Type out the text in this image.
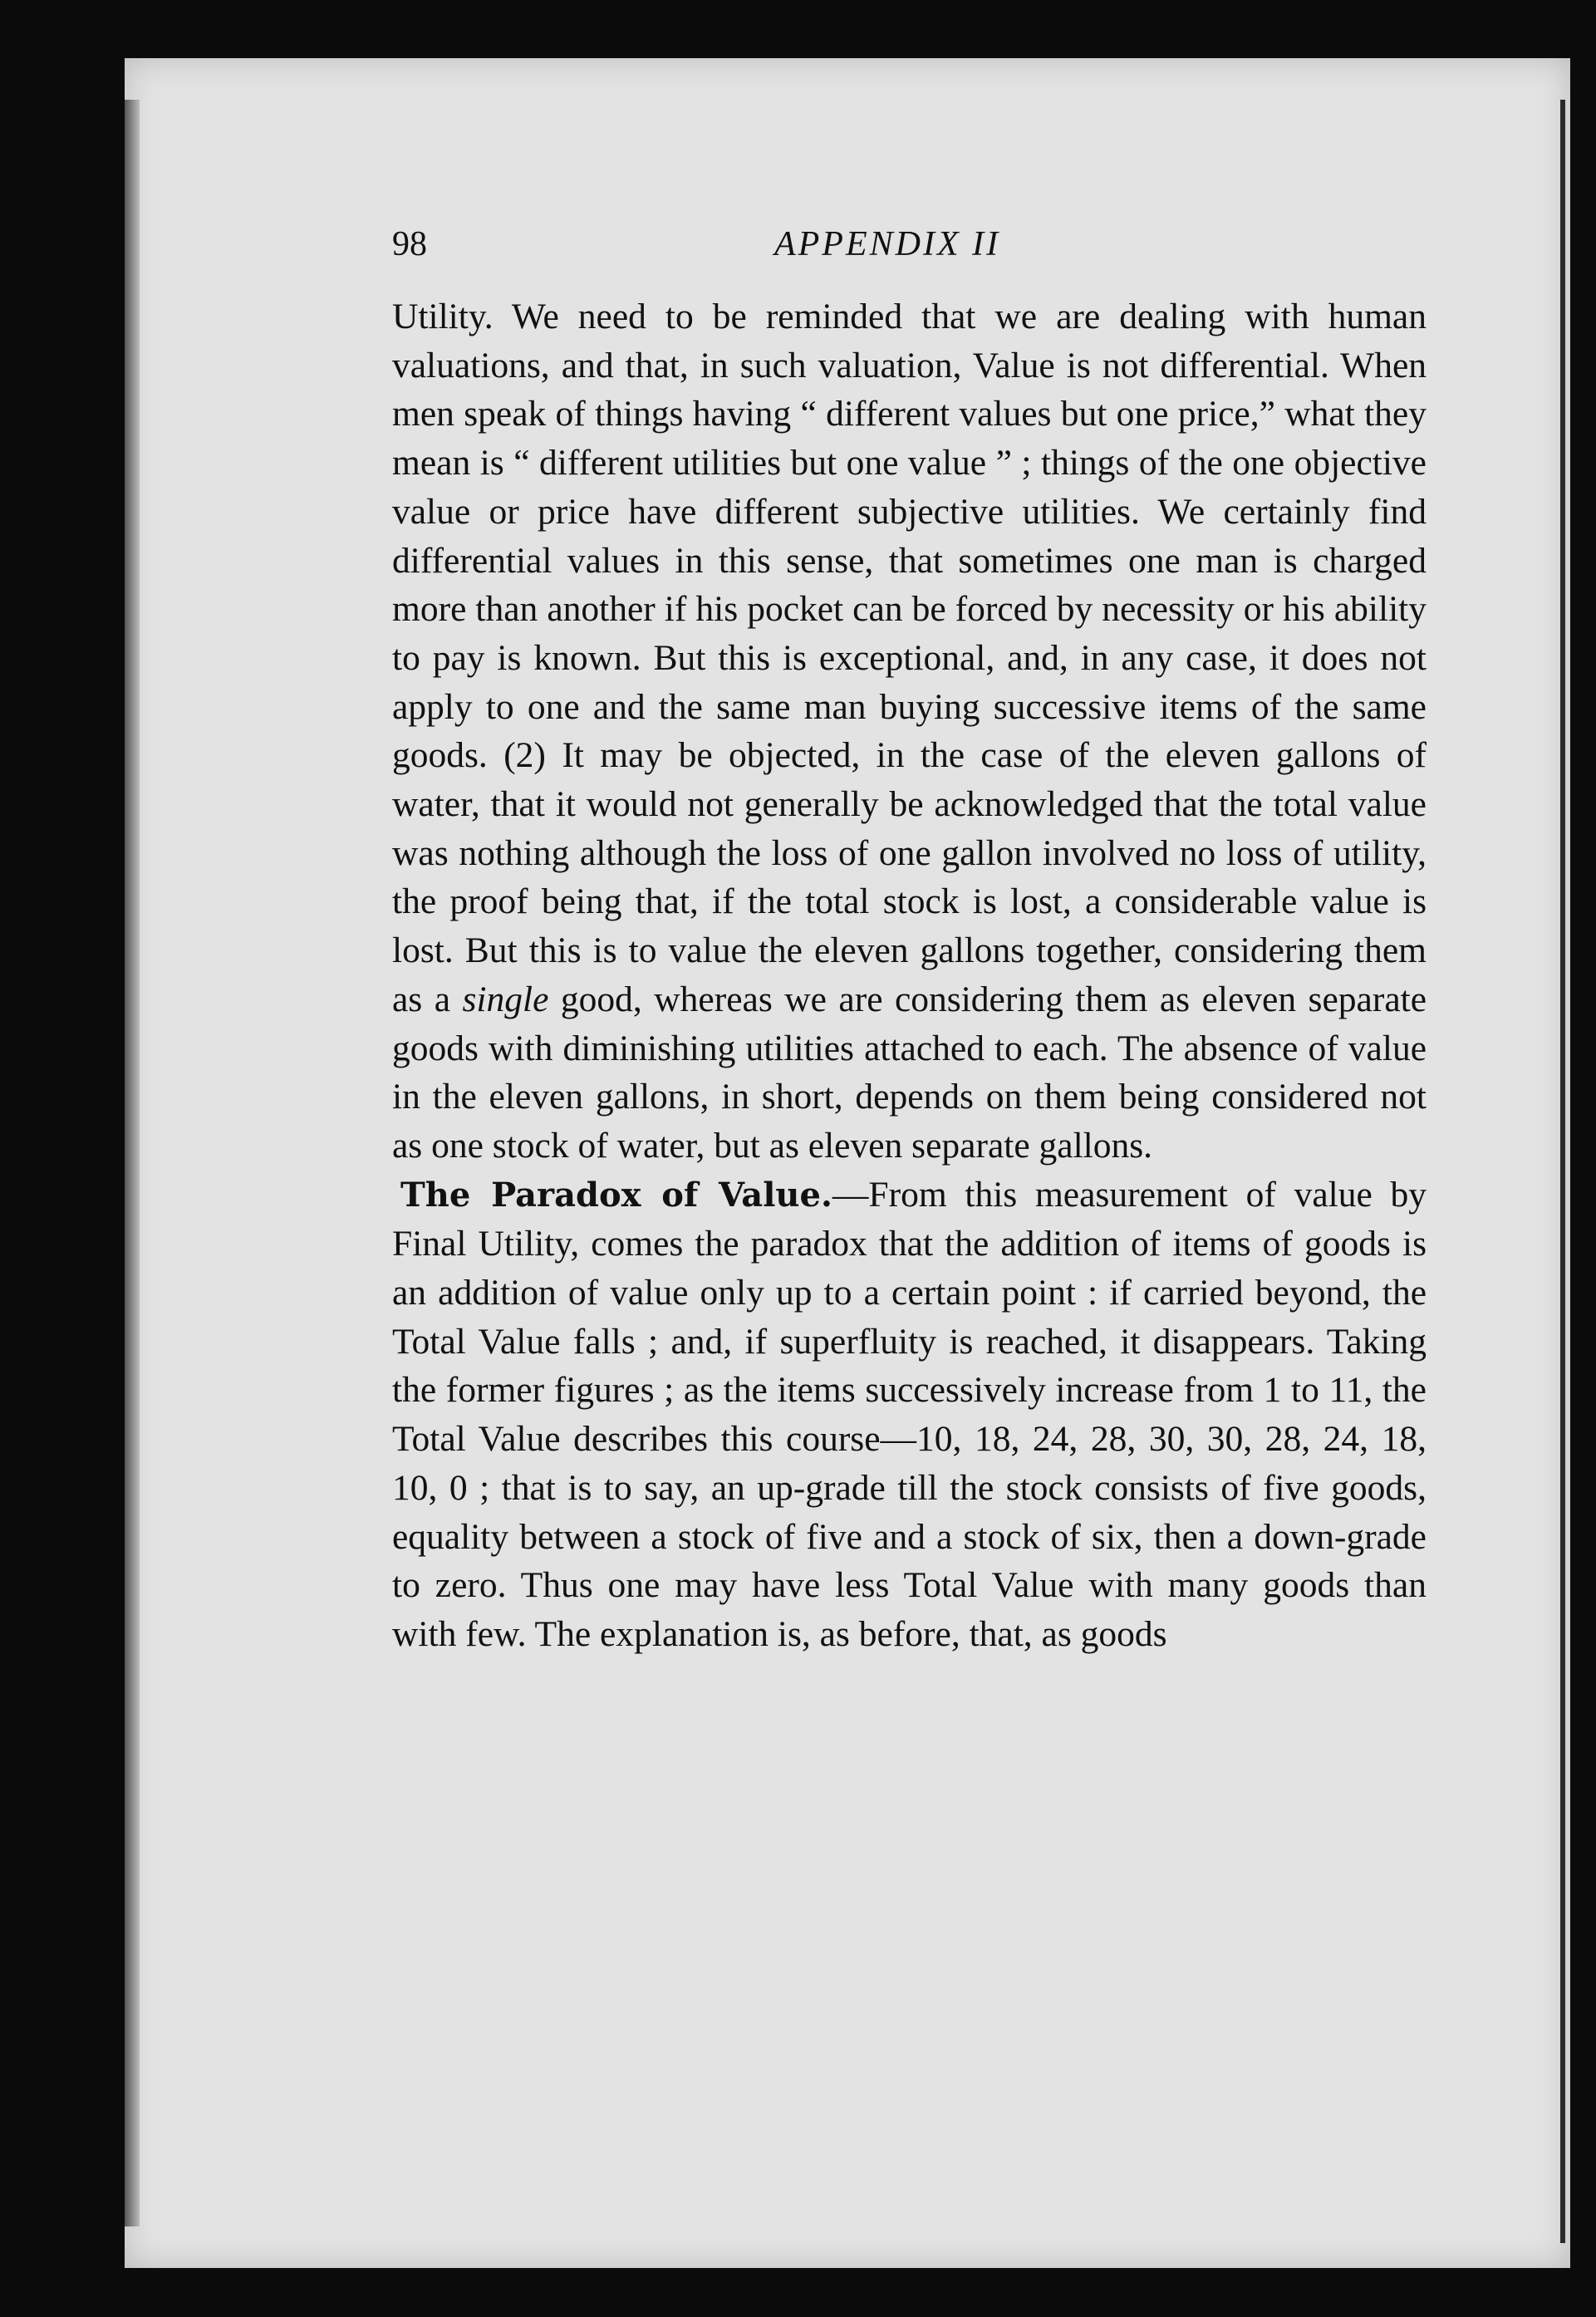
98	APPENDIX II

Utility. We need to be reminded that we are dealing with human valuations, and that, in such valuation, Value is not differential. When men speak of things having “ different values but one price,” what they mean is “ different utilities but one value ” ; things of the one objective value or price have different subjective utilities. We certainly find differential values in this sense, that sometimes one man is charged more than another if his pocket can be forced by necessity or his ability to pay is known. But this is exceptional, and, in any case, it does not apply to one and the same man buying successive items of the same goods. (2) It may be objected, in the case of the eleven gallons of water, that it would not generally be acknowledged that the total value was nothing although the loss of one gallon involved no loss of utility, the proof being that, if the total stock is lost, a considerable value is lost. But this is to value the eleven gallons together, considering them as a single good, whereas we are considering them as eleven separate goods with diminishing utilities attached to each. The absence of value in the eleven gallons, in short, depends on them being considered not as one stock of water, but as eleven separate gallons.

The Paradox of Value.—From this measurement of value by Final Utility, comes the paradox that the addition of items of goods is an addition of value only up to a certain point : if carried beyond, the Total Value falls ; and, if superfluity is reached, it disappears. Taking the former figures ; as the items successively increase from 1 to 11, the Total Value describes this course—10, 18, 24, 28, 30, 30, 28, 24, 18, 10, 0 ; that is to say, an up-grade till the stock consists of five goods, equality between a stock of five and a stock of six, then a down-grade to zero. Thus one may have less Total Value with many goods than with few. The explanation is, as before, that, as goods
